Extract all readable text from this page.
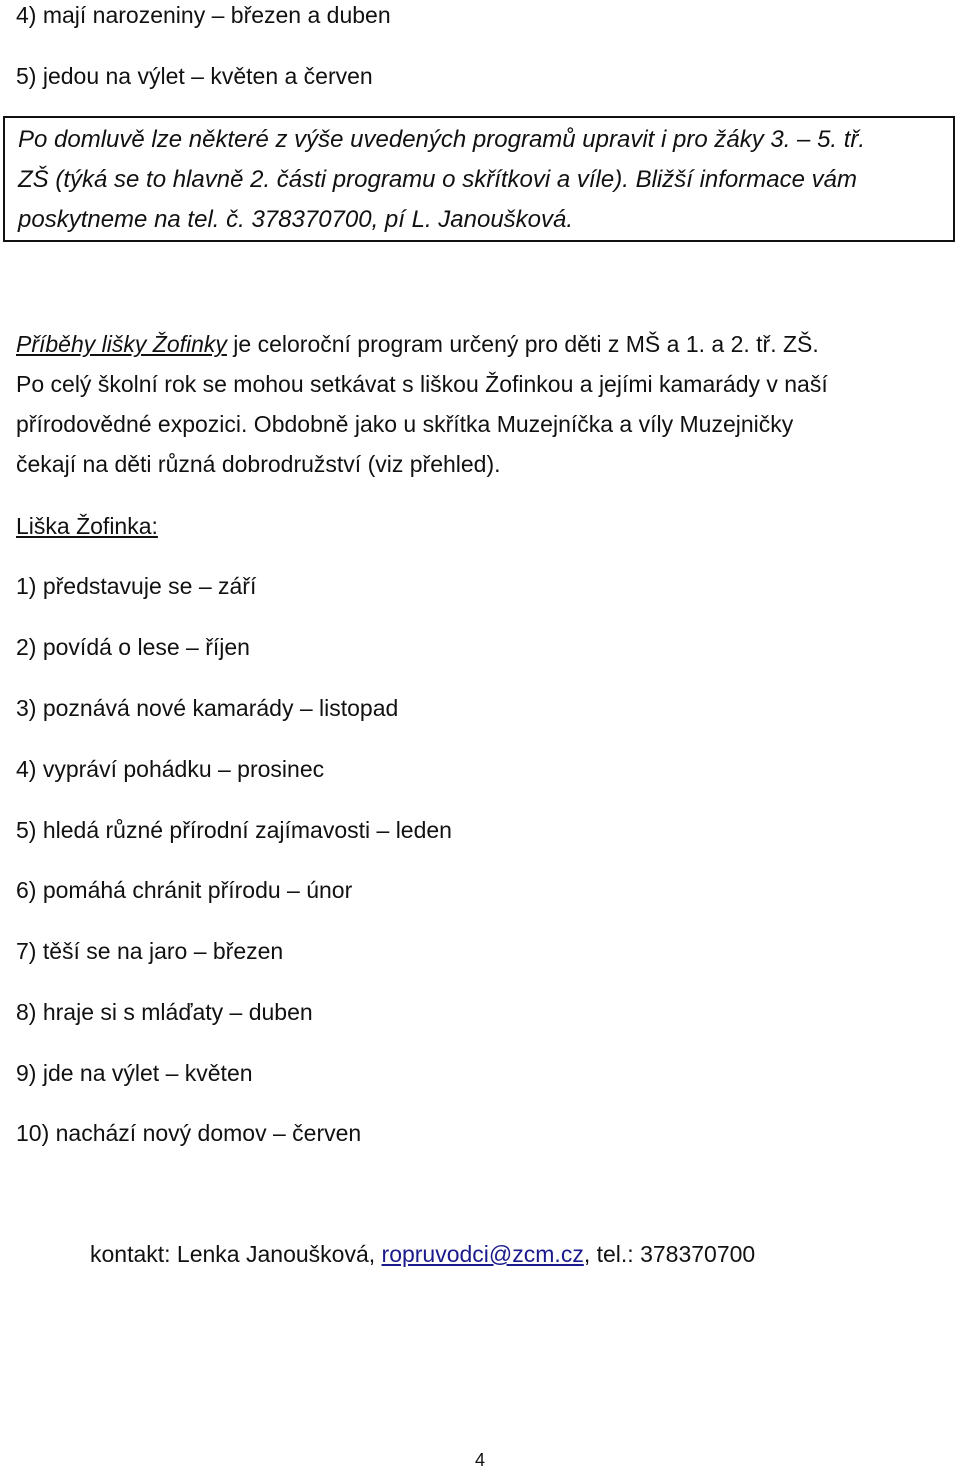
4) mají narozeniny – březen a duben
5) jedou na výlet – květen a červen
Po domluvě lze některé z výše uvedených programů upravit i pro žáky 3. – 5. tř.
ZŠ (týká se to hlavně 2. části programu o skřítkovi a víle). Bližší informace vám
poskytneme na tel. č. 378370700, pí L. Janoušková.
Příběhy lišky Žofinky je celoroční program určený pro děti z MŠ a 1. a 2. tř. ZŠ.
Po celý školní rok se mohou setkávat s liškou Žofinkou a jejími kamarády v naší
přírodovědné expozici. Obdobně jako u skřítka Muzejníčka a víly Muzejničky
čekají na děti různá dobrodružství (viz přehled).
Liška Žofinka:
1) představuje se – září
2) povídá o lese – říjen
3) poznává nové kamarády – listopad
4) vypráví pohádku – prosinec
5) hledá různé přírodní zajímavosti – leden
6) pomáhá chránit přírodu – únor
7) těší se na jaro – březen
8) hraje si s mláďaty – duben
9) jde na výlet – květen
10) nachází nový domov – červen
kontakt: Lenka Janoušková, ropruvodci@zcm.cz, tel.: 378370700
4
